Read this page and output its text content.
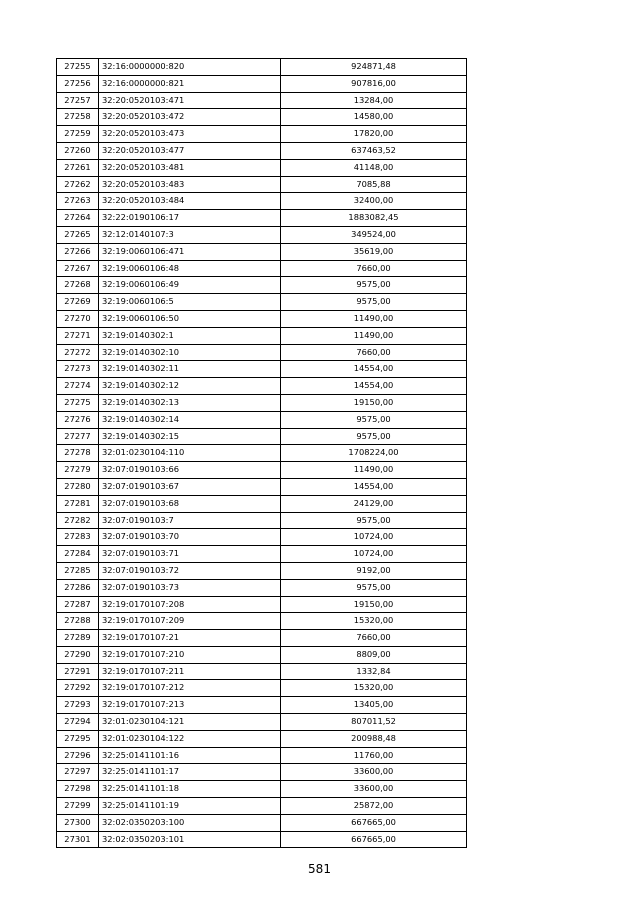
27255	32:16:0000000:820	924871,48
27256	32:16:0000000:821	907816,00
27257	32:20:0520103:471	13284,00
27258	32:20:0520103:472	14580,00
27259	32:20:0520103:473	17820,00
27260	32:20:0520103:477	637463,52
27261	32:20:0520103:481	41148,00
27262	32:20:0520103:483	7085,88
27263	32:20:0520103:484	32400,00
27264	32:22:0190106:17	1883082,45
27265	32:12:0140107:3	349524,00
27266	32:19:0060106:471	35619,00
27267	32:19:0060106:48	7660,00
27268	32:19:0060106:49	9575,00
27269	32:19:0060106:5	9575,00
27270	32:19:0060106:50	11490,00
27271	32:19:0140302:1	11490,00
27272	32:19:0140302:10	7660,00
27273	32:19:0140302:11	14554,00
27274	32:19:0140302:12	14554,00
27275	32:19:0140302:13	19150,00
27276	32:19:0140302:14	9575,00
27277	32:19:0140302:15	9575,00
27278	32:01:0230104:110	1708224,00
27279	32:07:0190103:66	11490,00
27280	32:07:0190103:67	14554,00
27281	32:07:0190103:68	24129,00
27282	32:07:0190103:7	9575,00
27283	32:07:0190103:70	10724,00
27284	32:07:0190103:71	10724,00
27285	32:07:0190103:72	9192,00
27286	32:07:0190103:73	9575,00
27287	32:19:0170107:208	19150,00
27288	32:19:0170107:209	15320,00
27289	32:19:0170107:21	7660,00
27290	32:19:0170107:210	8809,00
27291	32:19:0170107:211	1332,84
27292	32:19:0170107:212	15320,00
27293	32:19:0170107:213	13405,00
27294	32:01:0230104:121	807011,52
27295	32:01:0230104:122	200988,48
27296	32:25:0141101:16	11760,00
27297	32:25:0141101:17	33600,00
27298	32:25:0141101:18	33600,00
27299	32:25:0141101:19	25872,00
27300	32:02:0350203:100	667665,00
27301	32:02:0350203:101	667665,00
581
